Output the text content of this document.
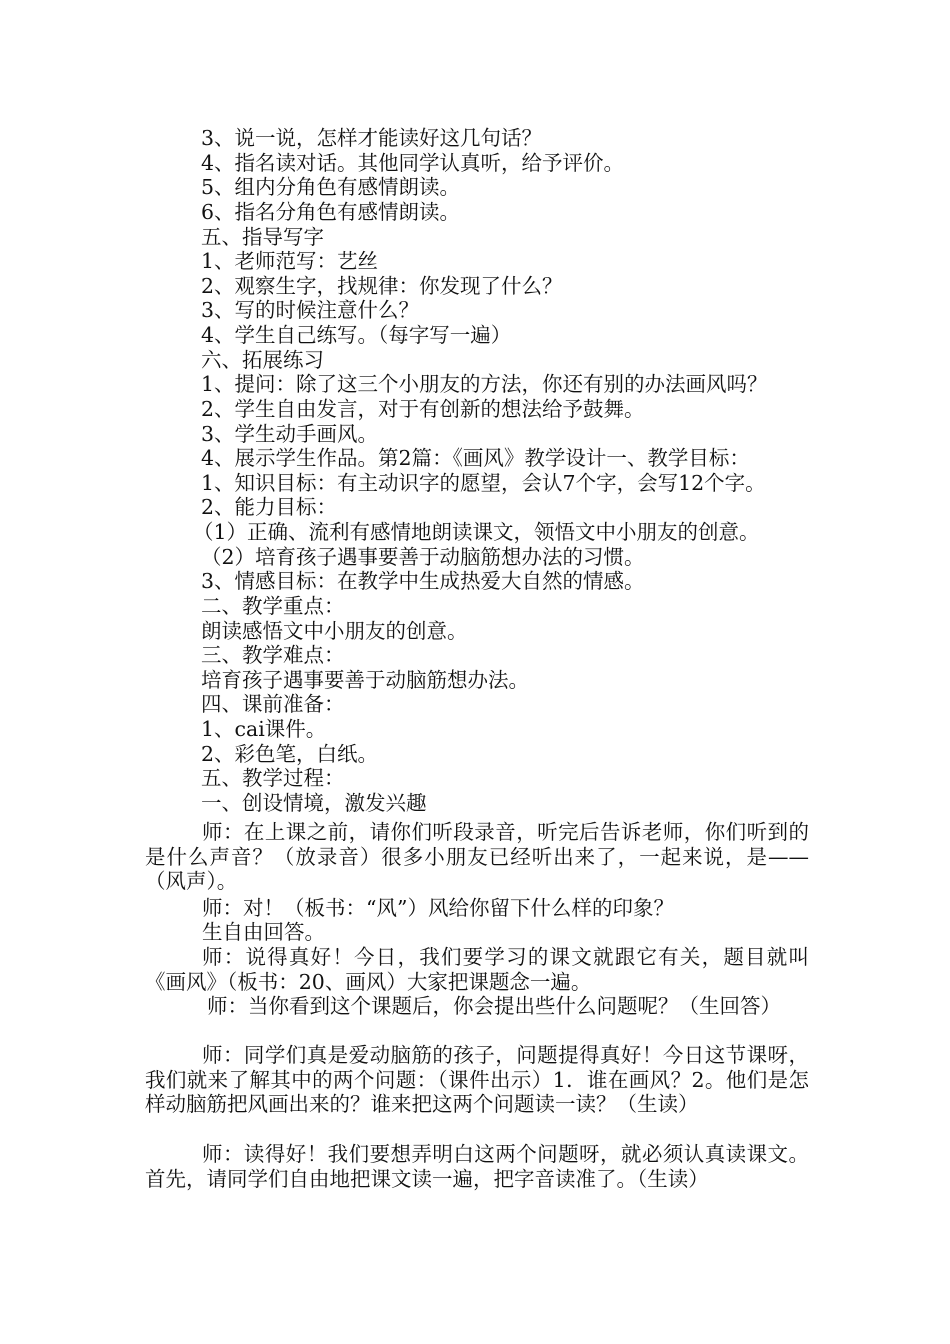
3、说一说，怎样才能读好这几句话？

4、指名读对话。其他同学认真听，给予评价。

5、组内分角色有感情朗读。

6、指名分角色有感情朗读。

五、指导写字

1、老师范写：艺丝

2、观察生字，找规律：你发现了什么？

3、写的时候注意什么？

4、学生自己练写。（每字写一遍）

六、拓展练习

1、提问：除了这三个小朋友的方法，你还有别的办法画风吗？

2、学生自由发言，对于有创新的想法给予鼓舞。

3、学生动手画风。

4、展示学生作品。第2篇：《画风》教学设计一、教学目标：

1、知识目标：有主动识字的愿望，会认7个字，会写12个字。

2、能力目标：

（1）正确、流利有感情地朗读课文，领悟文中小朋友的创意。

（2）培育孩子遇事要善于动脑筋想办法的习惯。

3、情感目标：在教学中生成热爱大自然的情感。

二、教学重点：

朗读感悟文中小朋友的创意。

三、教学难点：

培育孩子遇事要善于动脑筋想办法。

四、课前准备：

1、cai课件。

2、彩色笔，白纸。

五、教学过程：

一、创设情境，激发兴趣

师：在上课之前，请你们听段录音，听完后告诉老师，你们听到的是什么声音？（放录音）很多小朋友已经听出来了，一起来说，是——（风声）。

师：对！（板书：“风”）风给你留下什么样的印象？

生自由回答。

师：说得真好！今日，我们要学习的课文就跟它有关，题目就叫《画风》（板书：20、画风）大家把课题念一遍。

师：当你看到这个课题后，你会提出些什么问题呢？（生回答）

师：同学们真是爱动脑筋的孩子，问题提得真好！今日这节课呀，我们就来了解其中的两个问题：（课件出示）1．谁在画风？2。他们是怎样动脑筋把风画出来的？谁来把这两个问题读一读？（生读）

师：读得好！我们要想弄明白这两个问题呀，就必须认真读课文。首先，请同学们自由地把课文读一遍，把字音读准了。（生读）
